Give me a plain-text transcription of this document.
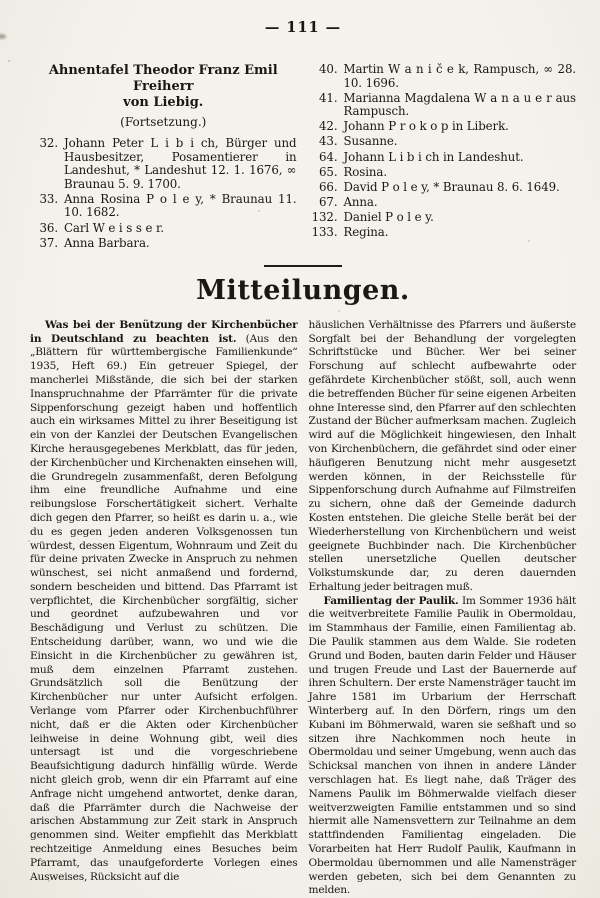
— 111 —
Ahnentafel Theodor Franz Emil Freiherr
von Liebig.
(Fortsetzung.)
32. Johann Peter L i b i ch, Bürger und Hausbesitzer, Posamentierer in Landeshut, * Landeshut 12. 1. 1676, ∞ Braunau 5. 9. 1700.
33. Anna Rosina P o l e y, * Braunau 11. 10. 1682.
36. Carl W e i s s e r.
37. Anna Barbara.
40. Martin W a n i č e k, Rampusch, ∞ 28. 10. 1696.
41. Marianna Magdalena W a n a u e r aus Rampusch.
42. Johann P r o k o p in Liberk.
43. Susanne.
64. Johann L i b i ch in Landeshut.
65. Rosina.
66. David P o l e y, * Braunau 8. 6. 1649.
67. Anna.
132. Daniel P o l e y.
133. Regina.
Mitteilungen.

Was bei der Benützung der Kirchenbücher in Deutschland zu beachten ist. (Aus den „Blättern für württembergische Familienkunde“ 1935, Heft 69.) Ein getreuer Spiegel, der mancherlei Mißstände, die sich bei der starken Inanspruchnahme der Pfarrämter für die private Sippenforschung gezeigt haben und hoffentlich auch ein wirksames Mittel zu ihrer Beseitigung ist ein von der Kanzlei der Deutschen Evangelischen Kirche herausgegebenes Merkblatt, das für jeden, der Kirchenbücher und Kirchenakten einsehen will, die Grundregeln zusammenfaßt, deren Befolgung ihm eine freundliche Aufnahme und eine reibungslose Forschertätigkeit sichert. Verhalte dich gegen den Pfarrer, so heißt es darin u. a., wie du es gegen jeden anderen Volksgenossen tun würdest, dessen Eigentum, Wohnraum und Zeit du für deine privaten Zwecke in Anspruch zu nehmen wünschest, sei nicht anmaßend und fordernd, sondern bescheiden und bittend. Das Pfarramt ist verpflichtet, die Kirchenbücher sorgfältig, sicher und geordnet aufzubewahren und vor Beschädigung und Verlust zu schützen. Die Entscheidung darüber, wann, wo und wie die Einsicht in die Kirchenbücher zu gewähren ist, muß dem einzelnen Pfarramt zustehen. Grundsätzlich soll die Benützung der Kirchenbücher nur unter Aufsicht erfolgen. Verlange vom Pfarrer oder Kirchenbuchführer nicht, daß er die Akten oder Kirchenbücher leihweise in deine Wohnung gibt, weil dies untersagt ist und die vorgeschriebene Beaufsichtigung dadurch hinfällig würde. Werde nicht gleich grob, wenn dir ein Pfarramt auf eine Anfrage nicht umgehend antwortet, denke daran, daß die Pfarrämter durch die Nachweise der arischen Abstammung zur Zeit stark in Anspruch genommen sind. Weiter empfiehlt das Merkblatt rechtzeitige Anmeldung eines Besuches beim Pfarramt, das unaufgeforderte Vorlegen eines Ausweises, Rücksicht auf die

häuslichen Verhältnisse des Pfarrers und äußerste Sorgfalt bei der Behandlung der vorgelegten Schriftstücke und Bücher. Wer bei seiner Forschung auf schlecht aufbewahrte oder gefährdete Kirchenbücher stößt, soll, auch wenn die betreffenden Bücher für seine eigenen Arbeiten ohne Interesse sind, den Pfarrer auf den schlechten Zustand der Bücher aufmerksam machen. Zugleich wird auf die Möglichkeit hingewiesen, den Inhalt von Kirchenbüchern, die gefährdet sind oder einer häufigeren Benutzung nicht mehr ausgesetzt werden können, in der Reichsstelle für Sippenforschung durch Aufnahme auf Filmstreifen zu sichern, ohne daß der Gemeinde dadurch Kosten entstehen. Die gleiche Stelle berät bei der Wiederherstellung von Kirchenbüchern und weist geeignete Buchbinder nach. Die Kirchenbücher stellen unersetzliche Quellen deutscher Volkstumskunde dar, zu deren dauernden Erhaltung jeder beitragen muß.

Familientag der Paulik. Im Sommer 1936 hält die weitverbreitete Familie Paulik in Obermoldau, im Stammhaus der Familie, einen Familientag ab. Die Paulik stammen aus dem Walde. Sie rodeten Grund und Boden, bauten darin Felder und Häuser und trugen Freude und Last der Bauernerde auf ihren Schultern. Der erste Namensträger taucht im Jahre 1581 im Urbarium der Herrschaft Winterberg auf. In den Dörfern, rings um den Kubani im Böhmerwald, waren sie seßhaft und so sitzen ihre Nachkommen noch heute in Obermoldau und seiner Umgebung, wenn auch das Schicksal manchen von ihnen in andere Länder verschlagen hat. Es liegt nahe, daß Träger des Namens Paulik im Böhmerwalde vielfach dieser weitverzweigten Familie entstammen und so sind hiermit alle Namensvettern zur Teilnahme an dem stattfindenden Familientag eingeladen. Die Vorarbeiten hat Herr Rudolf Paulik, Kaufmann in Obermoldau übernommen und alle Namensträger werden gebeten, sich bei dem Genannten zu melden.
